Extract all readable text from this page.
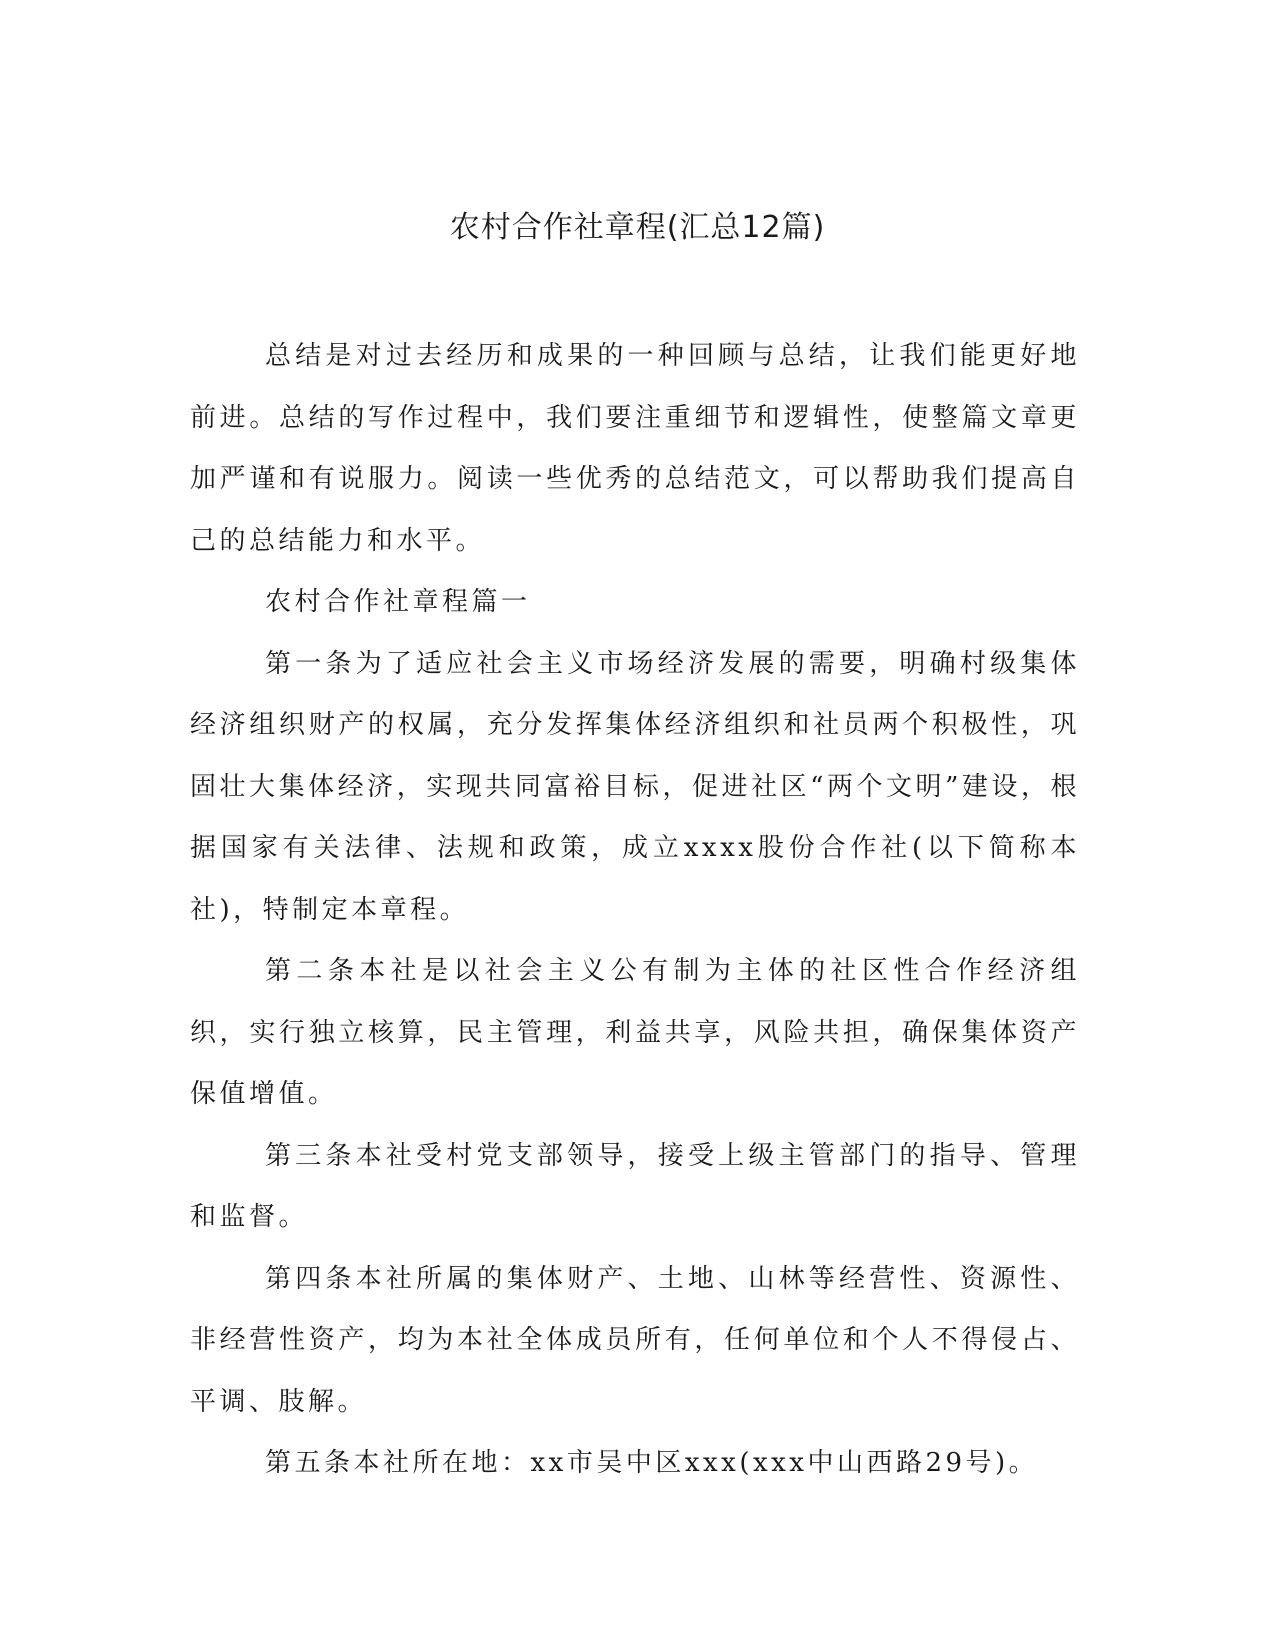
农村合作社章程(汇总12篇)

总结是对过去经历和成果的一种回顾与总结，让我们能更好地前进。总结的写作过程中，我们要注重细节和逻辑性，使整篇文章更加严谨和有说服力。阅读一些优秀的总结范文，可以帮助我们提高自己的总结能力和水平。

农村合作社章程篇一

第一条为了适应社会主义市场经济发展的需要，明确村级集体经济组织财产的权属，充分发挥集体经济组织和社员两个积极性，巩固壮大集体经济，实现共同富裕目标，促进社区“两个文明”建设，根据国家有关法律、法规和政策，成立xxxx股份合作社(以下简称本社)，特制定本章程。

第二条本社是以社会主义公有制为主体的社区性合作经济组织，实行独立核算，民主管理，利益共享，风险共担，确保集体资产保值增值。

第三条本社受村党支部领导，接受上级主管部门的指导、管理和监督。

第四条本社所属的集体财产、土地、山林等经营性、资源性、非经营性资产，均为本社全体成员所有，任何单位和个人不得侵占、平调、肢解。

第五条本社所在地：xx市吴中区xxx(xxx中山西路29号)。
